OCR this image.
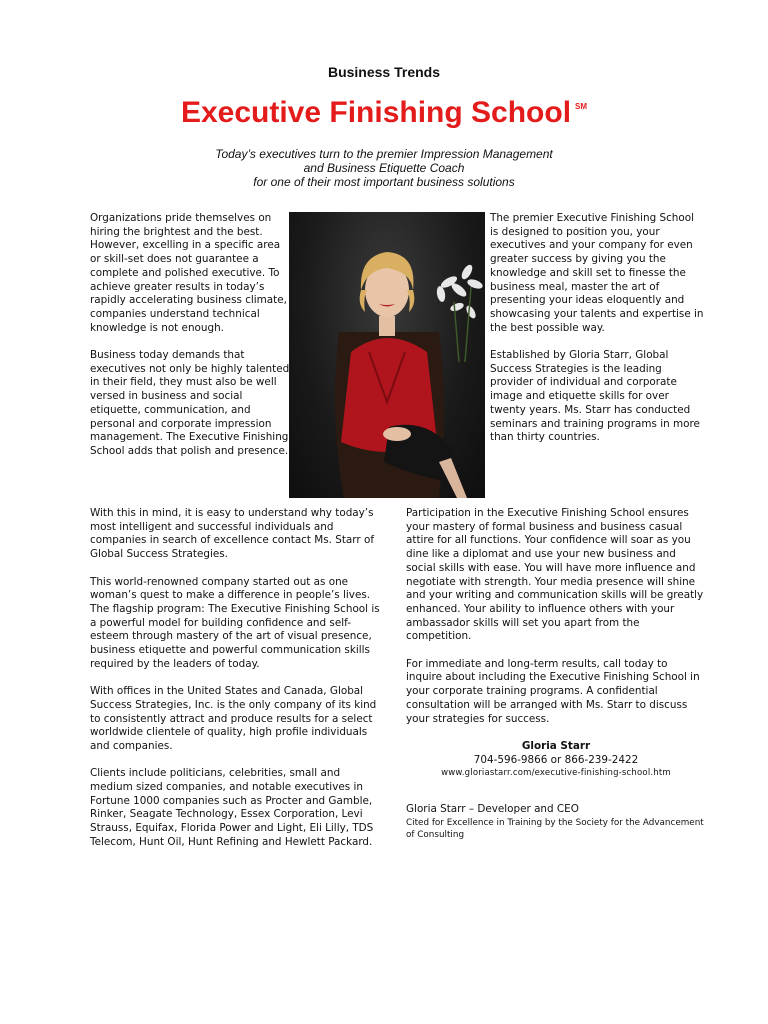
Business Trends
Executive Finishing School ℠
Today’s executives turn to the premier Impression Management
and Business Etiquette Coach
for one of their most important business solutions

Organizations pride themselves on hiring the brightest and the best. However, excelling in a specific area or skill-set does not guarantee a complete and polished executive. To achieve greater results in today’s rapidly accelerating business climate, companies understand technical knowledge is not enough.

Business today demands that executives not only be highly talented in their field, they must also be well versed in business and social etiquette, communication, and personal and corporate impression management. The Executive Finishing School adds that polish and presence.

The premier Executive Finishing School is designed to position you, your executives and your company for even greater success by giving you the knowledge and skill set to finesse the business meal, master the art of presenting your ideas eloquently and showcasing your talents and expertise in the best possible way.

Established by Gloria Starr, Global Success Strategies is the leading provider of individual and corporate image and etiquette skills for over twenty years. Ms. Starr has conducted seminars and training programs in more than thirty countries.

With this in mind, it is easy to understand why today’s most intelligent and successful individuals and companies in search of excellence contact Ms. Starr of Global Success Strategies.

This world-renowned company started out as one woman’s quest to make a difference in people’s lives. The flagship program: The Executive Finishing School is a powerful model for building confidence and self-esteem through mastery of the art of visual presence, business etiquette and powerful communication skills required by the leaders of today.

With offices in the United States and Canada, Global Success Strategies, Inc. is the only company of its kind to consistently attract and produce results for a select worldwide clientele of quality, high profile individuals and companies.

Clients include politicians, celebrities, small and medium sized companies, and notable executives in Fortune 1000 companies such as Procter and Gamble, Rinker, Seagate Technology, Essex Corporation, Levi Strauss, Equifax, Florida Power and Light, Eli Lilly, TDS Telecom, Hunt Oil, Hunt Refining and Hewlett Packard.

Participation in the Executive Finishing School ensures your mastery of formal business and business casual attire for all functions. Your confidence will soar as you dine like a diplomat and use your new business and social skills with ease. You will have more influence and negotiate with strength. Your media presence will shine and your writing and communication skills will be greatly enhanced. Your ability to influence others with your ambassador skills will set you apart from the competition.

For immediate and long-term results, call today to inquire about including the Executive Finishing School in your corporate training programs. A confidential consultation will be arranged with Ms. Starr to discuss your strategies for success.

Gloria Starr
704-596-9866 or 866-239-2422
www.gloriastarr.com/executive-finishing-school.htm
Gloria Starr – Developer and CEO
Cited for Excellence in Training by the Society for the Advancement of Consulting
